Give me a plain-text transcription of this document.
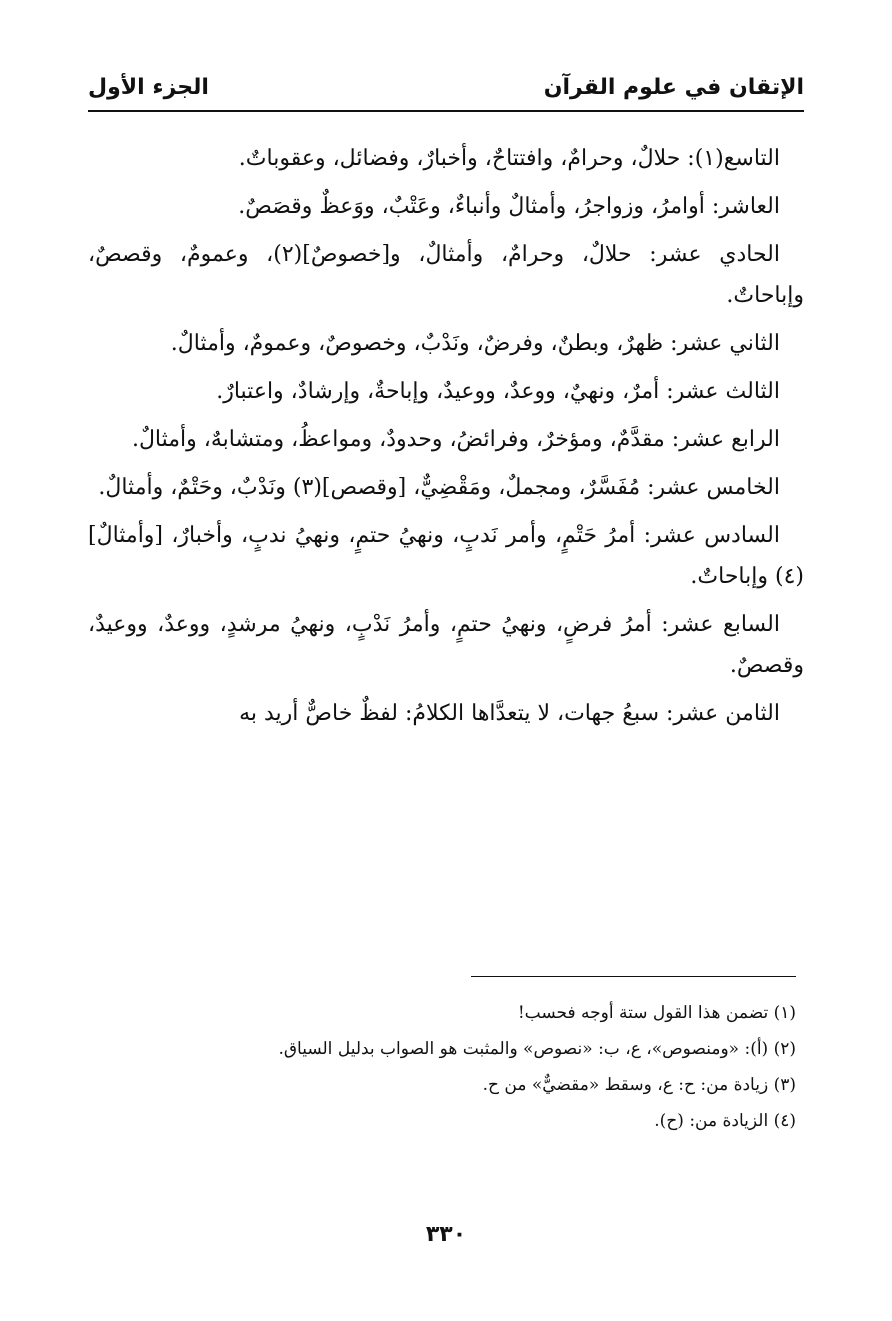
الإتقان في علوم القرآن
الجزء الأول

التاسع(١): حلالٌ، وحرامٌ، وافتتاحٌ، وأخبارٌ، وفضائل، وعقوباتٌ.

العاشر: أوامرُ، وزواجرُ، وأمثالٌ وأنباءٌ، وعَتْبٌ، ووَعظٌ وقصَصٌ.

الحادي عشر: حلالٌ، وحرامٌ، وأمثالٌ، و[خصوصٌ](٢)، وعمومٌ، وقصصٌ، وإباحاتٌ.

الثاني عشر: ظهرٌ، وبطنٌ، وفرضٌ، ونَدْبٌ، وخصوصٌ، وعمومٌ، وأمثالٌ.

الثالث عشر: أمرٌ، ونهيٌ، ووعدٌ، ووعيدٌ، وإباحةٌ، وإرشادٌ، واعتبارٌ.

الرابع عشر: مقدَّمٌ، ومؤخرٌ، وفرائضُ، وحدودٌ، ومواعظُ، ومتشابهٌ، وأمثالٌ.

الخامس عشر: مُفَسَّرٌ، ومجملٌ، ومَقْضِيٌّ، [وقصص](٣) ونَدْبٌ، وحَتْمٌ، وأمثالٌ.

السادس عشر: أمرُ حَتْمٍ، وأمر نَدبٍ، ونهيُ حتمٍ، ونهيُ ندبٍ، وأخبارٌ، [وأمثالٌ](٤) وإباحاتٌ.

السابع عشر: أمرُ فرضٍ، ونهيُ حتمٍ، وأمرُ نَدْبٍ، ونهيُ مرشدٍ، ووعدٌ، ووعيدٌ، وقصصٌ.

الثامن عشر: سبعُ جهات، لا يتعدَّاها الكلامُ: لفظٌ خاصٌّ أريد به

(١) تضمن هذا القول ستة أوجه فحسب!

(٢) (أ): «ومنصوص»، ع، ب: «نصوص» والمثبت هو الصواب بدليل السياق.

(٣) زيادة من: ح: ع، وسقط «مقضيٌّ» من ح.

(٤) الزيادة من: (ح).

٣٣٠
